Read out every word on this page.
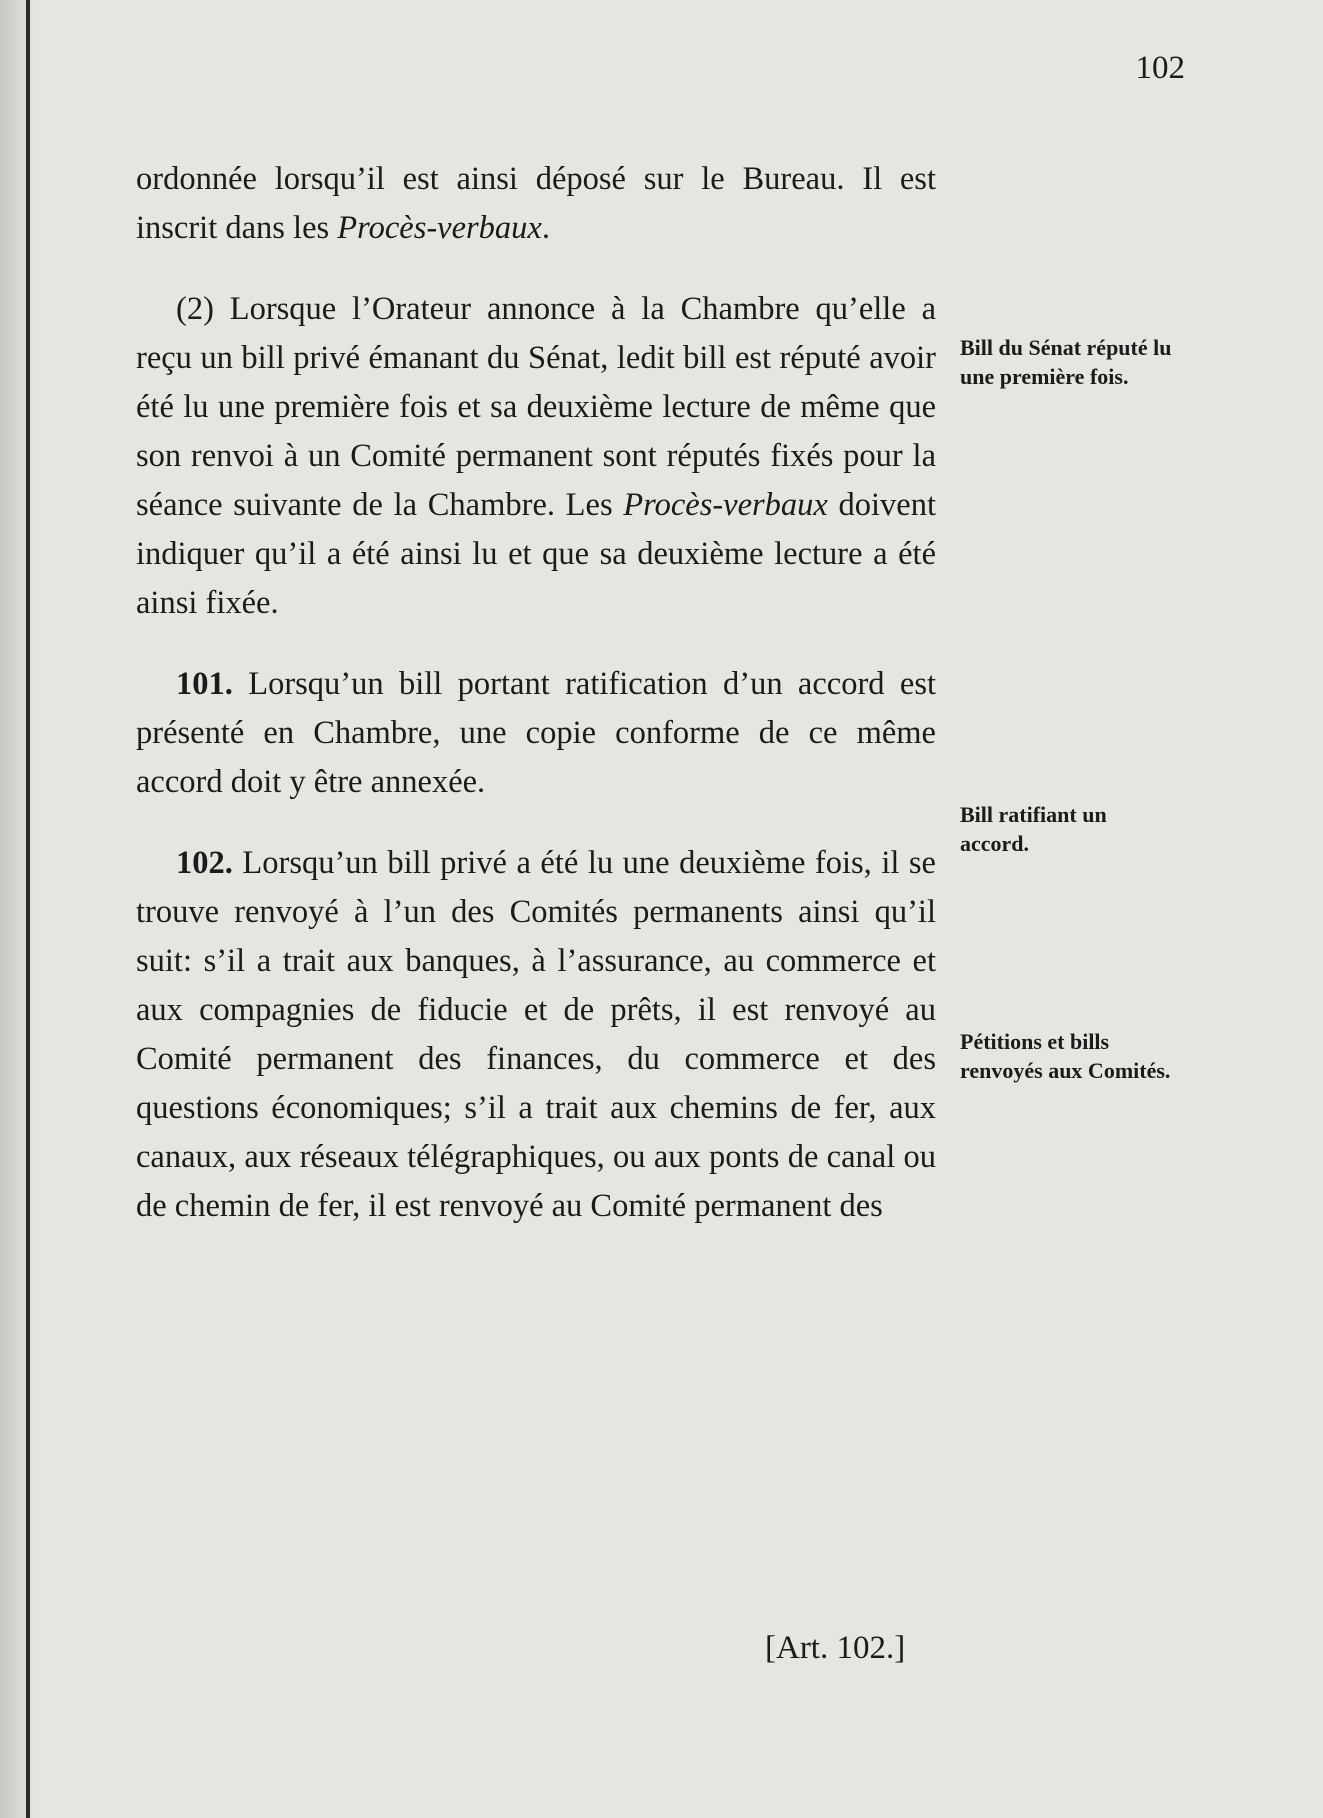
102

ordonnée lorsqu’il est ainsi déposé sur le Bureau. Il est inscrit dans les Procès-verbaux.

(2) Lorsque l’Orateur annonce à la Chambre qu’elle a reçu un bill privé émanant du Sénat, ledit bill est réputé avoir été lu une première fois et sa deuxième lecture de même que son renvoi à un Comité permanent sont réputés fixés pour la séance suivante de la Chambre. Les Procès-verbaux doivent indiquer qu’il a été ainsi lu et que sa deuxième lecture a été ainsi fixée.

101. Lorsqu’un bill portant ratification d’un accord est présenté en Chambre, une copie conforme de ce même accord doit y être annexée.

102. Lorsqu’un bill privé a été lu une deuxième fois, il se trouve renvoyé à l’un des Comités permanents ainsi qu’il suit: s’il a trait aux banques, à l’assurance, au commerce et aux compagnies de fiducie et de prêts, il est renvoyé au Comité permanent des finances, du commerce et des questions économiques; s’il a trait aux chemins de fer, aux canaux, aux réseaux télégraphiques, ou aux ponts de canal ou de chemin de fer, il est renvoyé au Comité permanent des

Bill du Sénat réputé lu une première fois.
Bill ratifiant un accord.
Pétitions et bills renvoyés aux Comités.
[Art. 102.]
